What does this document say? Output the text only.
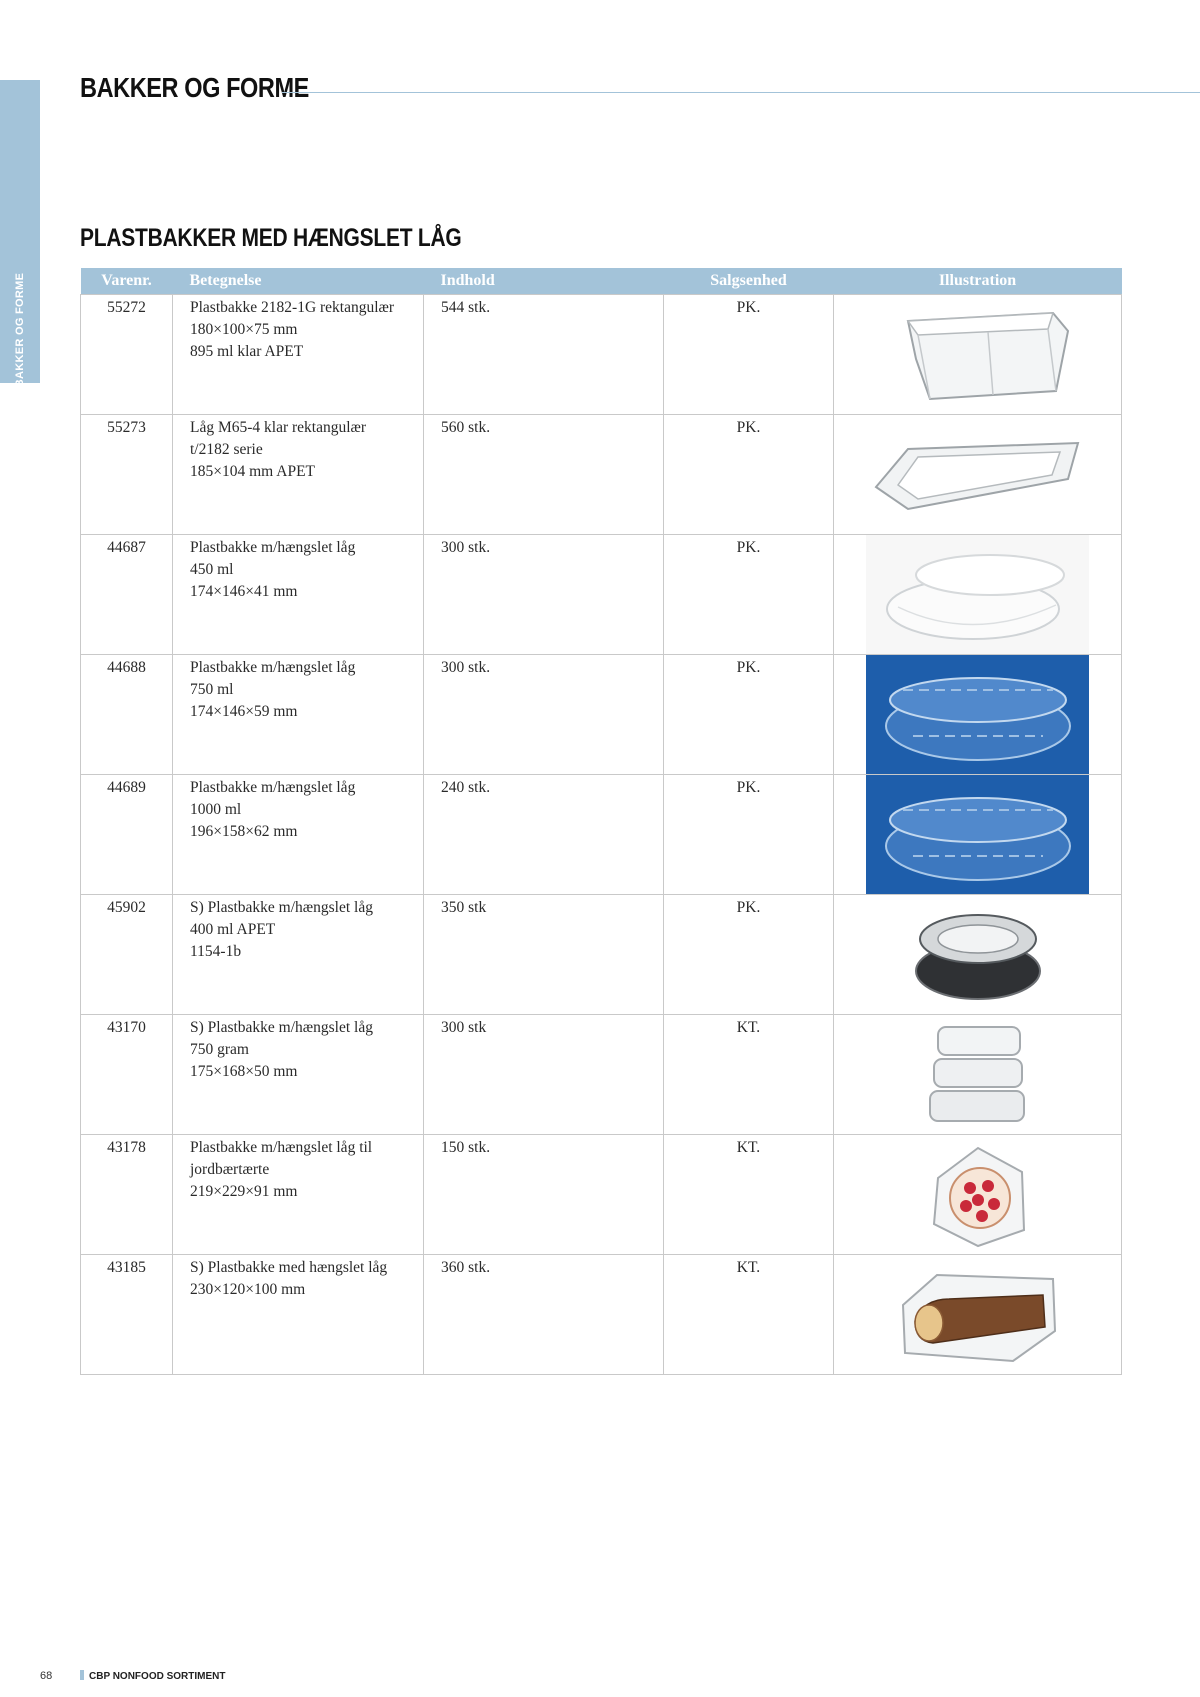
BAKKER OG FORME
BAKKER OG FORME
PLASTBAKKER MED HÆNGSLET LÅG
Varenr.	Betegnelse	Indhold	Salgsenhed	Illustration
55272	Plastbakke 2182-1G rektangulær
180×100×75 mm
895 ml klar APET	544 stk.	PK.	

55273	Låg M65-4 klar rektangulær
t/2182 serie
185×104 mm APET	560 stk.	PK.	

44687	Plastbakke m/hængslet låg
450 ml
174×146×41 mm	300 stk.	PK.	

44688	Plastbakke m/hængslet låg
750 ml
174×146×59 mm	300 stk.	PK.	

44689	Plastbakke m/hængslet låg
1000 ml
196×158×62 mm	240 stk.	PK.	

45902	S) Plastbakke m/hængslet låg
400 ml APET
1154-1b	350 stk	PK.	

43170	S) Plastbakke m/hængslet låg
750 gram
175×168×50 mm	300 stk	KT.	

43178	Plastbakke m/hængslet låg til
jordbærtærte
219×229×91 mm	150 stk.	KT.	

43185	S) Plastbakke med hængslet låg
230×120×100 mm	360 stk.	KT.	
68	CBP NONFOOD SORTIMENT
